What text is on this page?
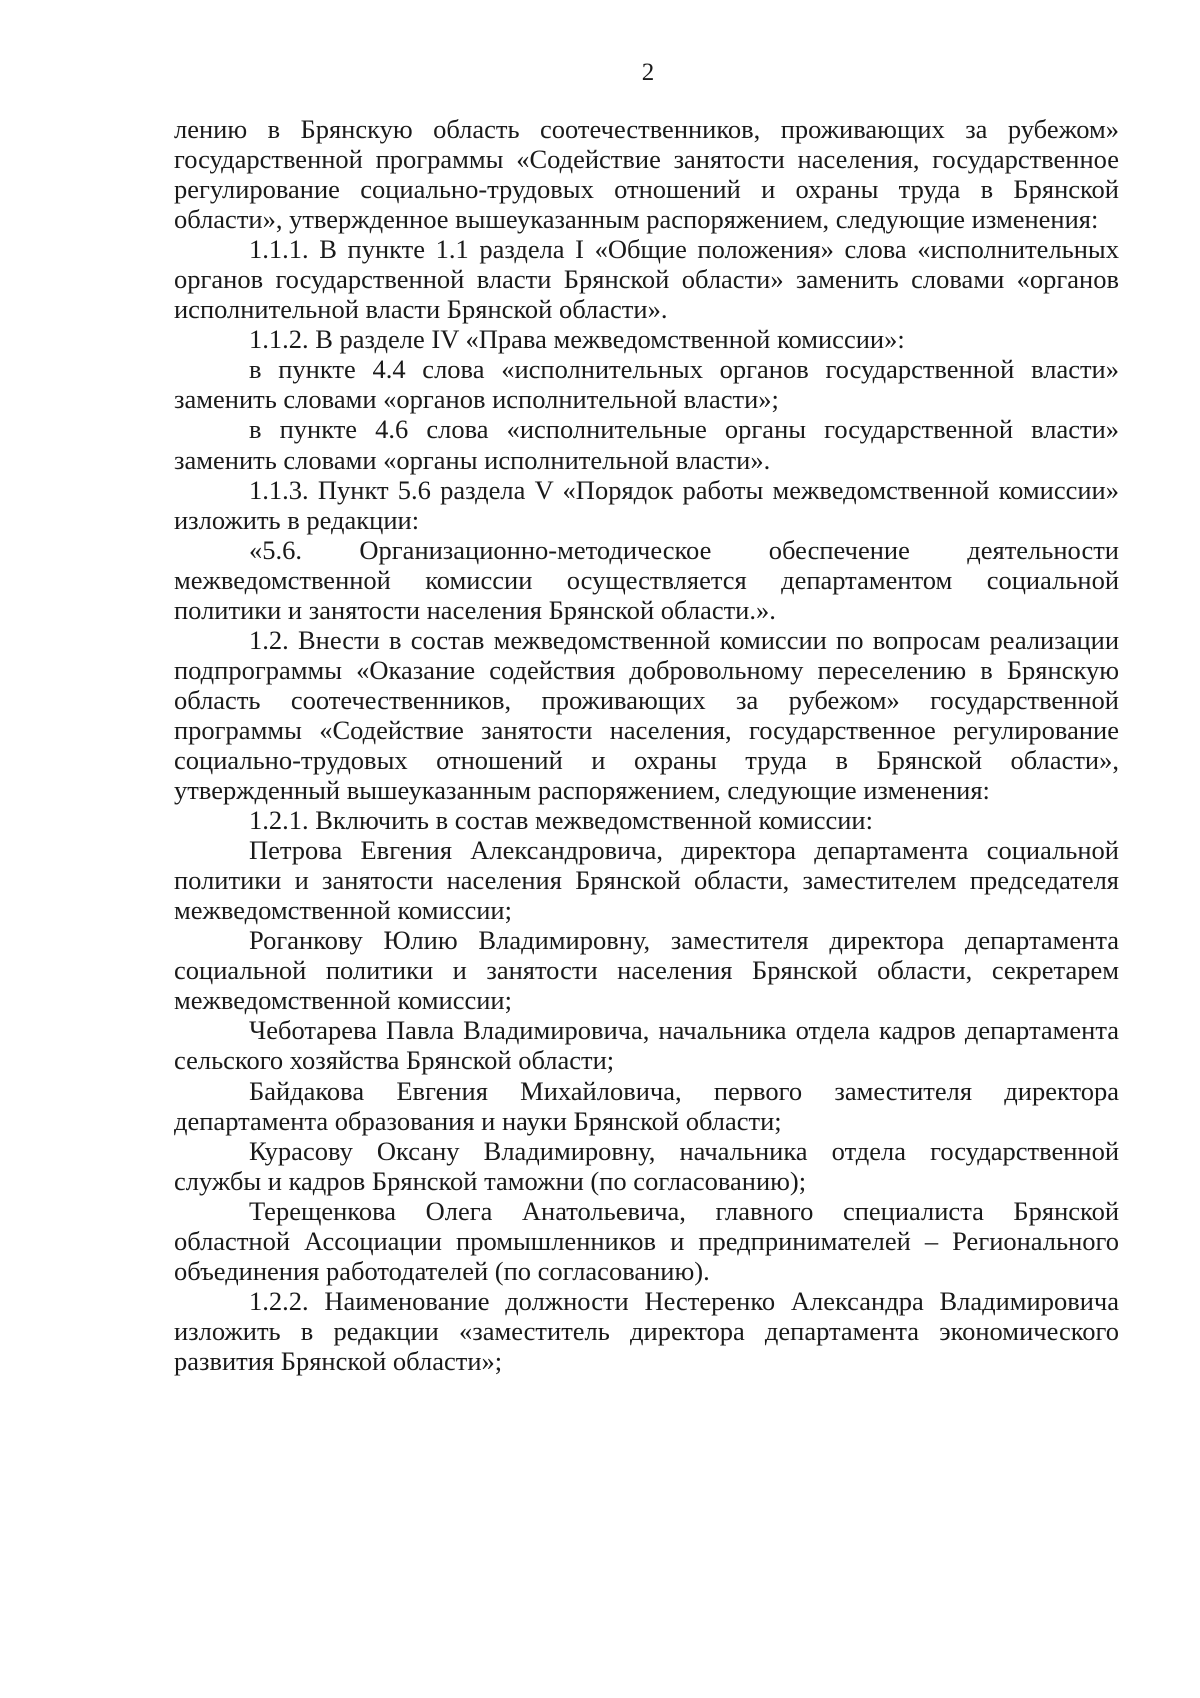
2

лению в Брянскую область соотечественников, проживающих за рубежом» государственной программы «Содействие занятости населения, государственное регулирование социально-трудовых отношений и охраны труда в Брянской области», утвержденное вышеуказанным распоряжением, следующие изменения:

1.1.1. В пункте 1.1 раздела I «Общие положения» слова «исполнительных органов государственной власти Брянской области» заменить словами «органов исполнительной власти Брянской области».

1.1.2. В разделе IV «Права межведомственной комиссии»:

в пункте 4.4 слова «исполнительных органов государственной власти» заменить словами «органов исполнительной власти»;

в пункте 4.6 слова «исполнительные органы государственной власти» заменить словами «органы исполнительной власти».

1.1.3. Пункт 5.6 раздела V «Порядок работы межведомственной комиссии» изложить в редакции:

«5.6. Организационно-методическое обеспечение деятельности межведомственной комиссии осуществляется департаментом социальной политики и занятости населения Брянской области.».

1.2. Внести в состав межведомственной комиссии по вопросам реализации подпрограммы «Оказание содействия добровольному переселению в Брянскую область соотечественников, проживающих за рубежом» государственной программы «Содействие занятости населения, государственное регулирование социально-трудовых отношений и охраны труда в Брянской области», утвержденный вышеуказанным распоряжением, следующие изменения:

1.2.1. Включить в состав межведомственной комиссии:

Петрова Евгения Александровича, директора департамента социальной политики и занятости населения Брянской области, заместителем председателя межведомственной комиссии;

Роганкову Юлию Владимировну, заместителя директора департамента социальной политики и занятости населения Брянской области, секретарем межведомственной комиссии;

Чеботарева Павла Владимировича, начальника отдела кадров департамента сельского хозяйства Брянской области;

Байдакова Евгения Михайловича, первого заместителя директора департамента образования и науки Брянской области;

Курасову Оксану Владимировну, начальника отдела государственной службы и кадров Брянской таможни (по согласованию);

Терещенкова Олега Анатольевича, главного специалиста Брянской областной Ассоциации промышленников и предпринимателей – Регионального объединения работодателей (по согласованию).

1.2.2. Наименование должности Нестеренко Александра Владимировича изложить в редакции «заместитель директора департамента экономического развития Брянской области»;
